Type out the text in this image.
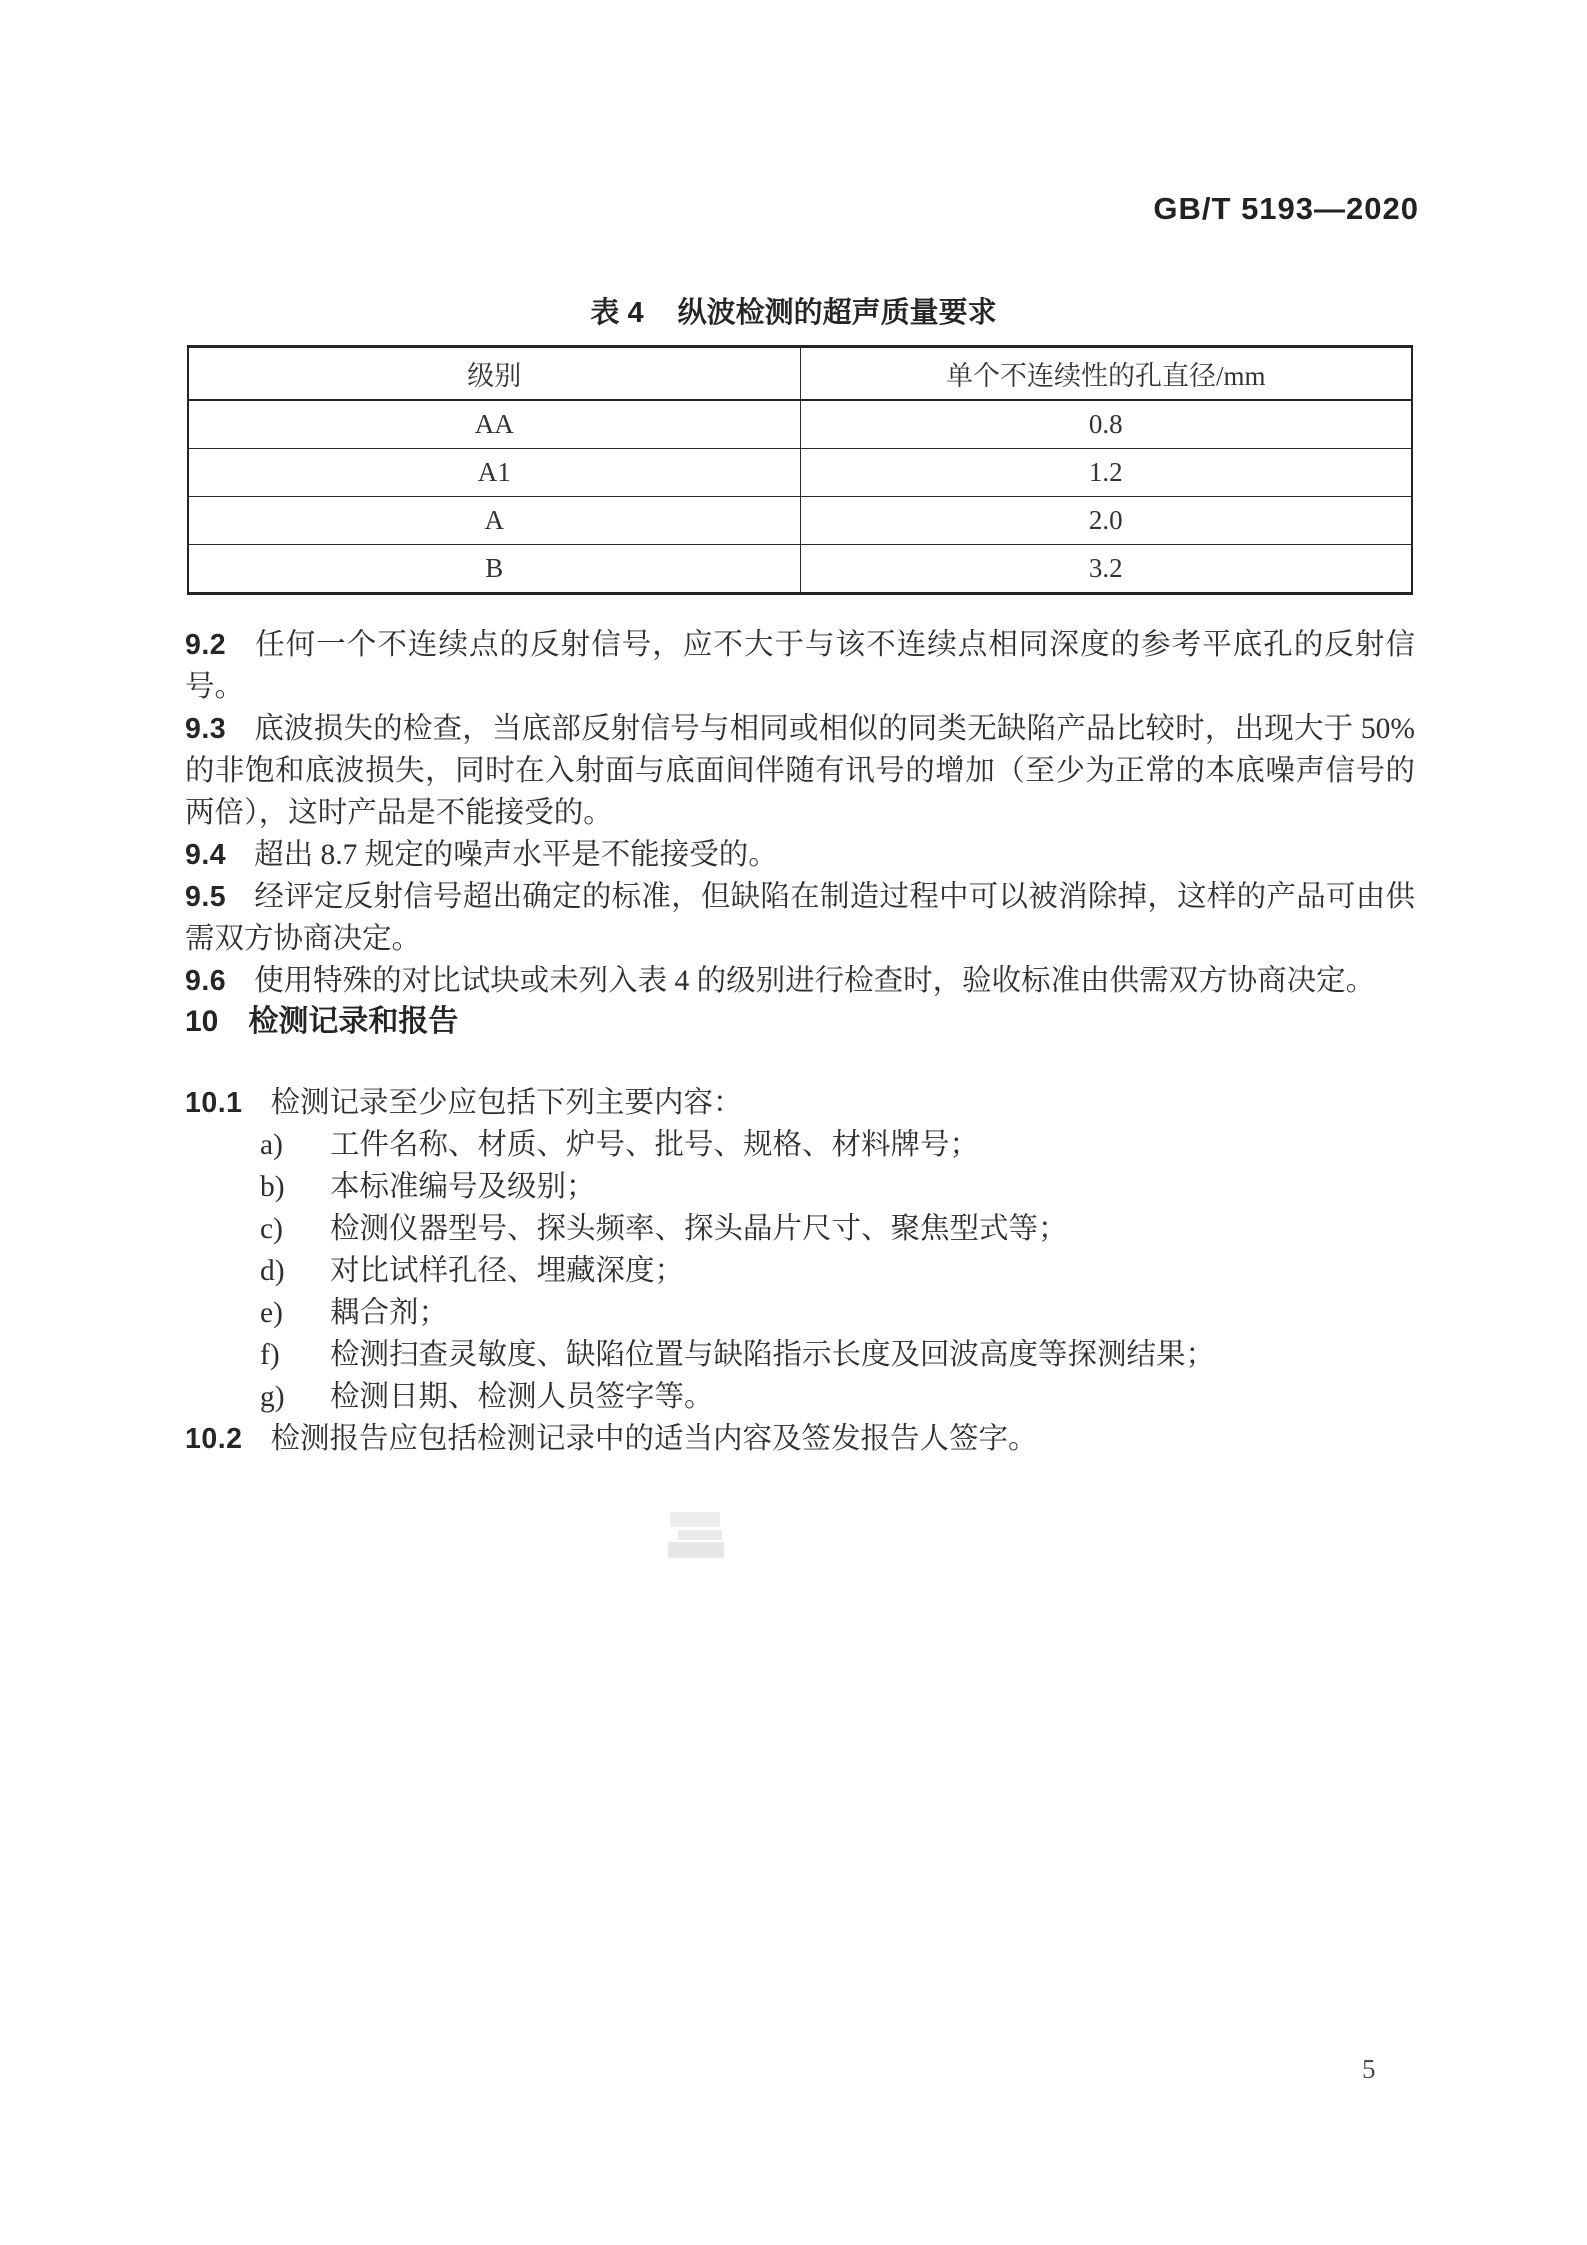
GB/T 5193—2020
表 4 纵波检测的超声质量要求
级别	单个不连续性的孔直径/mm
AA	0.8
A1	1.2
A	2.0
B	3.2

9.2 任何一个不连续点的反射信号，应不大于与该不连续点相同深度的参考平底孔的反射信号。

9.3 底波损失的检查，当底部反射信号与相同或相似的同类无缺陷产品比较时，出现大于 50%的非饱和底波损失，同时在入射面与底面间伴随有讯号的增加（至少为正常的本底噪声信号的两倍），这时产品是不能接受的。

9.4 超出 8.7 规定的噪声水平是不能接受的。

9.5 经评定反射信号超出确定的标准，但缺陷在制造过程中可以被消除掉，这样的产品可由供需双方协商决定。

9.6 使用特殊的对比试块或未列入表 4 的级别进行检查时，验收标准由供需双方协商决定。

10 检测记录和报告

10.1 检测记录至少应包括下列主要内容：

a) 工件名称、材质、炉号、批号、规格、材料牌号；

b) 本标准编号及级别；

c) 检测仪器型号、探头频率、探头晶片尺寸、聚焦型式等；

d) 对比试样孔径、埋藏深度；

e) 耦合剂；

f) 检测扫查灵敏度、缺陷位置与缺陷指示长度及回波高度等探测结果；

g) 检测日期、检测人员签字等。

10.2 检测报告应包括检测记录中的适当内容及签发报告人签字。

5
